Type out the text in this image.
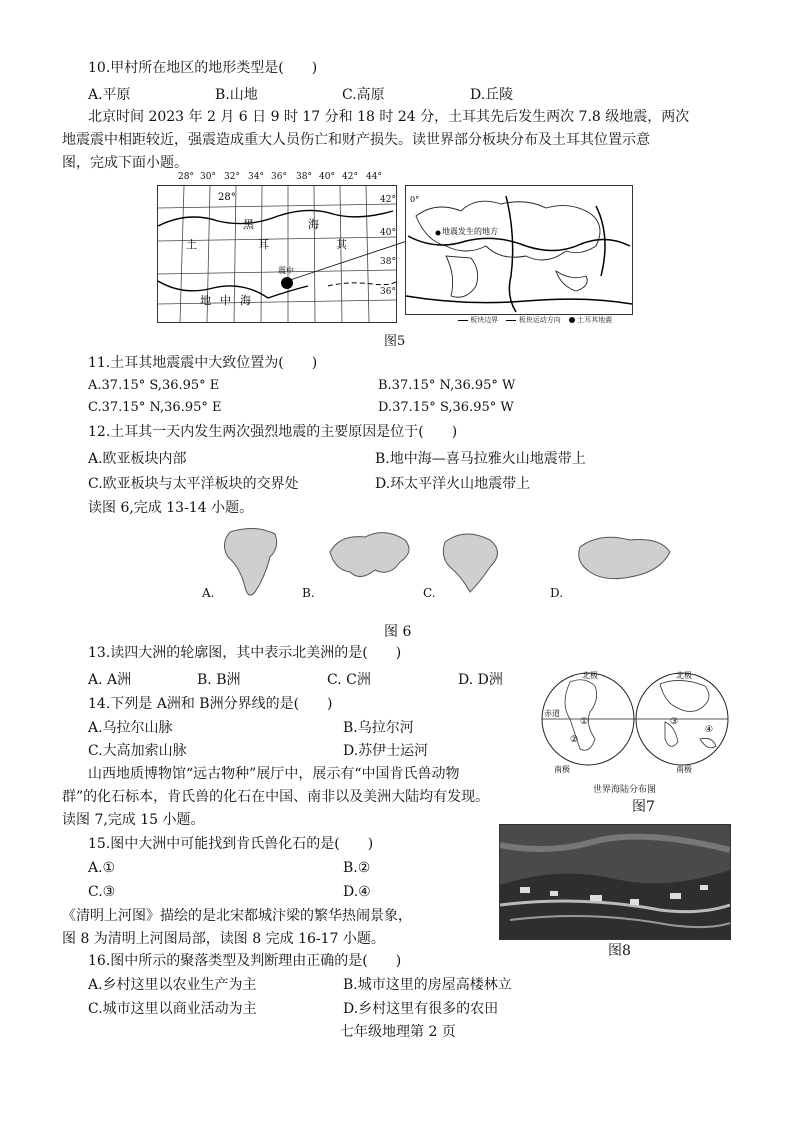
10.甲村所在地区的地形类型是(　　)
A.平原	B.山地	C.高原	D.丘陵
北京时间 2023 年 2 月 6 日 9 时 17 分和 18 时 24 分，土耳其先后发生两次 7.8 级地震，两次
地震震中相距较近，强震造成重大人员伤亡和财产损失。读世界部分板块分布及土耳其位置示意
图，完成下面小题。
28°
黑	海
土	耳	其
地 中 海
震中
28° 30° 32° 34° 36° 38° 40° 42° 44°
42°
40°
38°
36°
0°
地震发生的地方
板块边界	板块运动方向 土耳其地震
图5
11.土耳其地震震中大致位置为(　　)
A.37.15° S,36.95° E	B.37.15° N,36.95° W
C.37.15° N,36.95° E	D.37.15° S,36.95° W
12.土耳其一天内发生两次强烈地震的主要原因是位于(　　)
A.欧亚板块内部	B.地中海—喜马拉雅火山地震带上
C.欧亚板块与太平洋板块的交界处	D.环太平洋火山地震带上
读图 6,完成 13-14 小题。
A.	B.	C.	D.
图 6
13.读四大洲的轮廓图，其中表示北美洲的是(　　)
A. A洲	B. B洲	C. C洲	D. D洲
14.下列是 A洲和 B洲分界线的是(　　)
A.乌拉尔山脉	B.乌拉尔河
C.大高加索山脉	D.苏伊士运河
北极	北极
赤道
①
②
③
④
南极	南极
世界海陆分布图
图7
山西地质博物馆“远古物种”展厅中，展示有“中国肯氏兽动物
群”的化石标本，肯氏兽的化石在中国、南非以及美洲大陆均有发现。
读图 7,完成 15 小题。
15.图中大洲中可能找到肯氏兽化石的是(　　)
A.①	B.②
C.③	D.④
图8
《清明上河图》描绘的是北宋都城汴梁的繁华热闹景象，
图 8 为清明上河图局部，读图 8 完成 16-17 小题。
16.图中所示的聚落类型及判断理由正确的是(　　)
A.乡村这里以农业生产为主	B.城市这里的房屋高楼林立
C.城市这里以商业活动为主	D.乡村这里有很多的农田
七年级地理第 2 页
